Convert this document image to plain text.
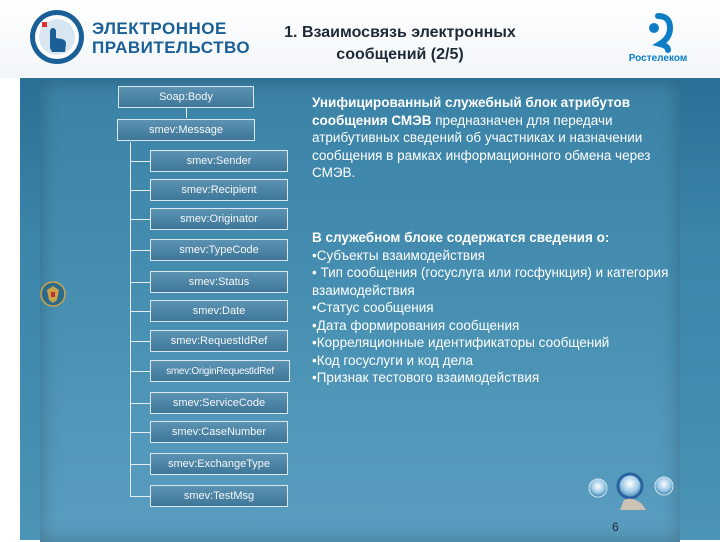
ЭЛЕКТРОННОЕ
ПРАВИТЕЛЬСТВО
1. Взаимосвязь электронных
сообщений (2/5)	Ростелеком
Soap:Body
smev:Message
smev:Sender
smev:Recipient
smev:Originator
smev:TypeCode
smev:Status
smev:Date
smev:RequestIdRef
smev:OriginRequestIdRef
smev:ServiceCode
smev:CaseNumber
smev:ExchangeType
smev:TestMsg
Унифицированный служебный блок атрибутов сообщения СМЭВ предназначен для передачи атрибутивных сведений об участниках и назначении сообщения в рамках информационного обмена через СМЭВ.
В служебном блоке содержатся сведения о:
•Субъекты взаимодействия
• Тип сообщения (госуслуга или госфункция) и категория взаимодействия
•Статус сообщения
•Дата формирования сообщения
•Корреляционные идентификаторы сообщений
•Код госуслуги и код дела
•Признак тестового взаимодействия
6
